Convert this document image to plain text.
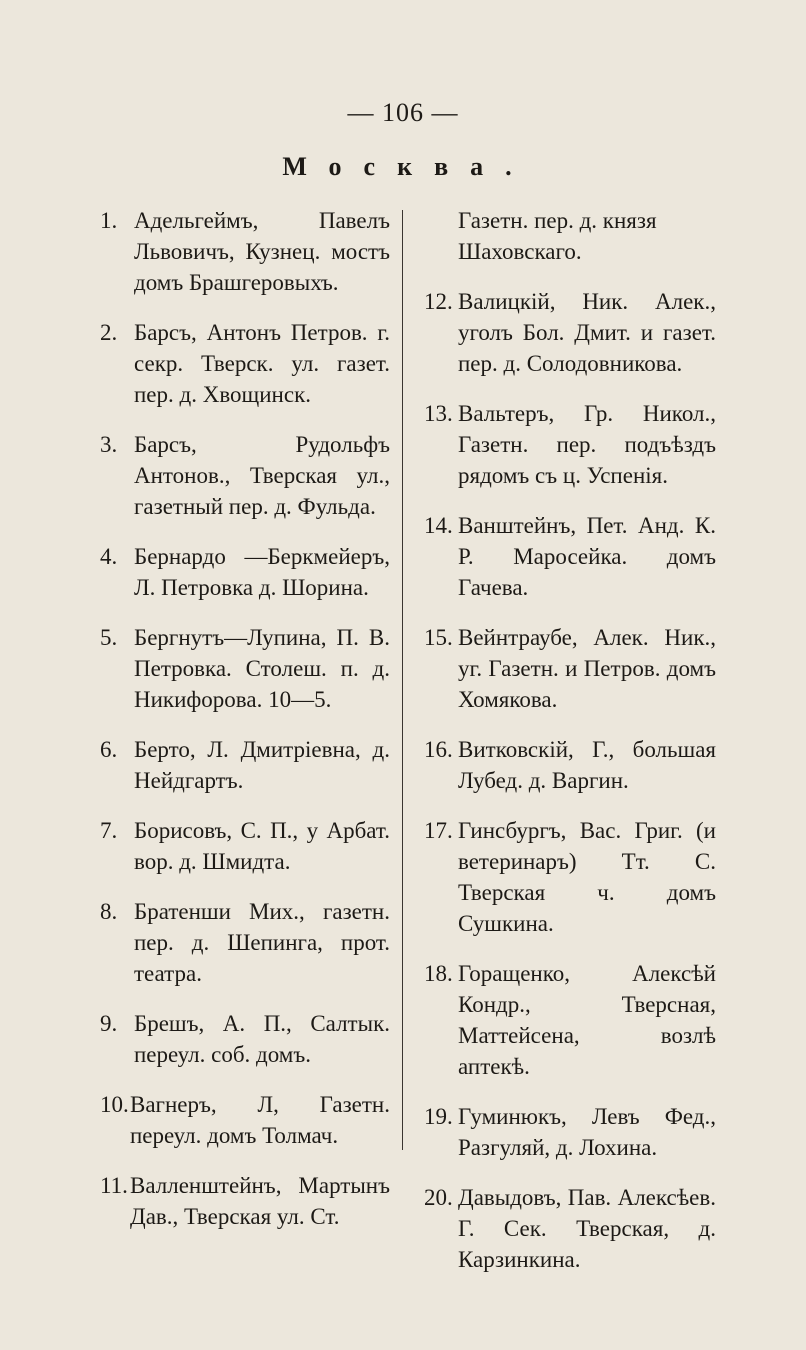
— 106 —
Москва.
1. Адельгеймъ, Павелъ Львовичъ, Кузнец. мостъ домъ Брашгеровыхъ.
2. Барсъ, Антонъ Петров. г. секр. Тверск. ул. газет. пер. д. Хвощинск.
3. Барсъ, Рудольфъ Антонов., Тверская ул., газетный пер. д. Фульда.
4. Бернардо —Беркмейеръ, Л. Петровка д. Шорина.
5. Бергнутъ—Лупина, П. В. Петровка. Столеш. п. д. Никифорова. 10—5.
6. Берто, Л. Дмитріевна, д. Нейдгартъ.
7. Борисовъ, С. П., у Арбат. вор. д. Шмидта.
8. Братенши Мих., газетн. пер. д. Шепинга, прот. театра.
9. Брешъ, А. П., Салтык. переул. соб. домъ.
10. Вагнеръ, Л, Газетн. переул. домъ Толмач.
11. Валленштейнъ, Мартынъ Дав., Тверская ул. Ст.
Газетн. пер. д. князя Шаховскаго.
12. Валицкій, Ник. Алек., уголъ Бол. Дмит. и газет. пер. д. Солодовникова.
13. Вальтеръ, Гр. Никол., Газетн. пер. подъѣздъ рядомъ съ ц. Успенія.
14. Ванштейнъ, Пет. Анд. К. Р. Маросейка. домъ Гачева.
15. Вейнтраубе, Алек. Ник., уг. Газетн. и Петров. домъ Хомякова.
16. Витковскій, Г., большая Лубед. д. Варгин.
17. Гинсбургъ, Вас. Григ. (и ветеринаръ) Тт. С. Тверская ч. домъ Сушкина.
18. Горащенко, Алексѣй Кондр., Тверсная, Маттейсена, возлѣ аптекѣ.
19. Гуминюкъ, Левъ Фед., Разгуляй, д. Лохина.
20. Давыдовъ, Пав. Алексѣев. Г. Сек. Тверская, д. Карзинкина.
